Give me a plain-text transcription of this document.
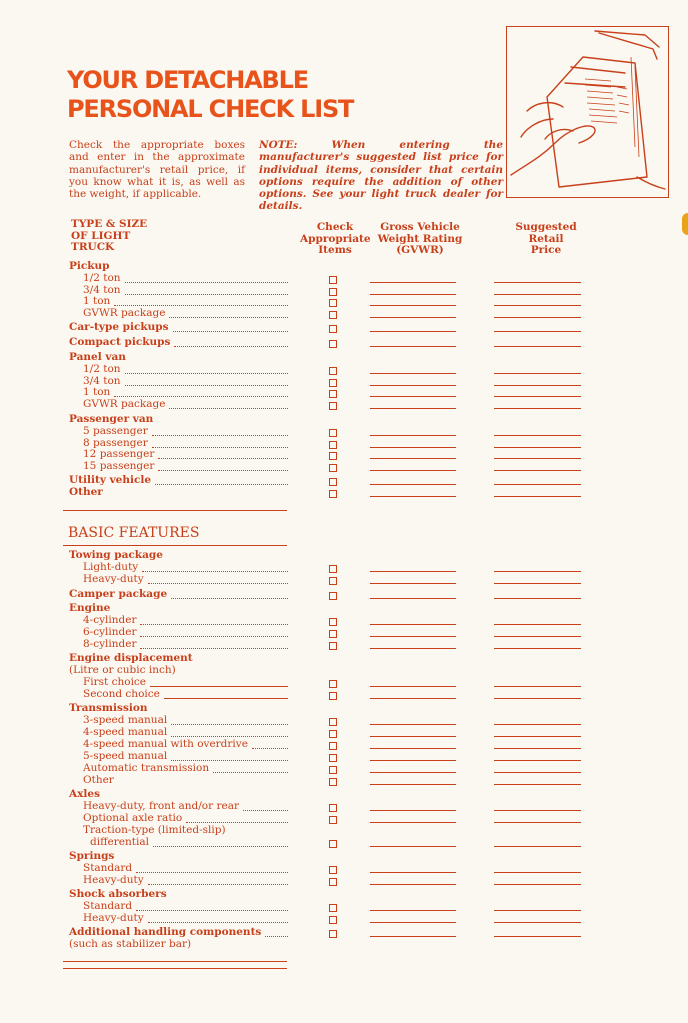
YOUR DETACHABLE
PERSONAL CHECK LIST
Check the appropriate boxes and enter in the approximate manufacturer's retail price, if you know what it is, as well as the weight, if applicable.
NOTE: When entering the manufacturer's suggested list price for individual items, consider that certain options require the addition of other options. See your light truck dealer for details.
TYPE & SIZE
OF LIGHT
TRUCK
Check
Appropriate
Items
Gross Vehicle
Weight Rating
(GVWR)
Suggested
Retail
Price
BASIC FEATURES
Pickup
1/2 ton
3/4 ton
1 ton
GVWR package
Car-type pickups
Compact pickups
Panel van
1/2 ton
3/4 ton
1 ton
GVWR package
Passenger van
5 passenger
8 passenger
12 passenger
15 passenger
Utility vehicle
Other
Towing package
Light-duty
Heavy-duty
Camper package
Engine
4-cylinder
6-cylinder
8-cylinder
Engine displacement
(Litre or cubic inch)
First choice
Second choice
Transmission
3-speed manual
4-speed manual
4-speed manual with overdrive
5-speed manual
Automatic transmission
Other
Axles
Heavy-duty, front and/or rear
Optional axle ratio
Traction-type (limited-slip)
differential
Springs
Standard
Heavy-duty
Shock absorbers
Standard
Heavy-duty
Additional handling components
(such as stabilizer bar)
